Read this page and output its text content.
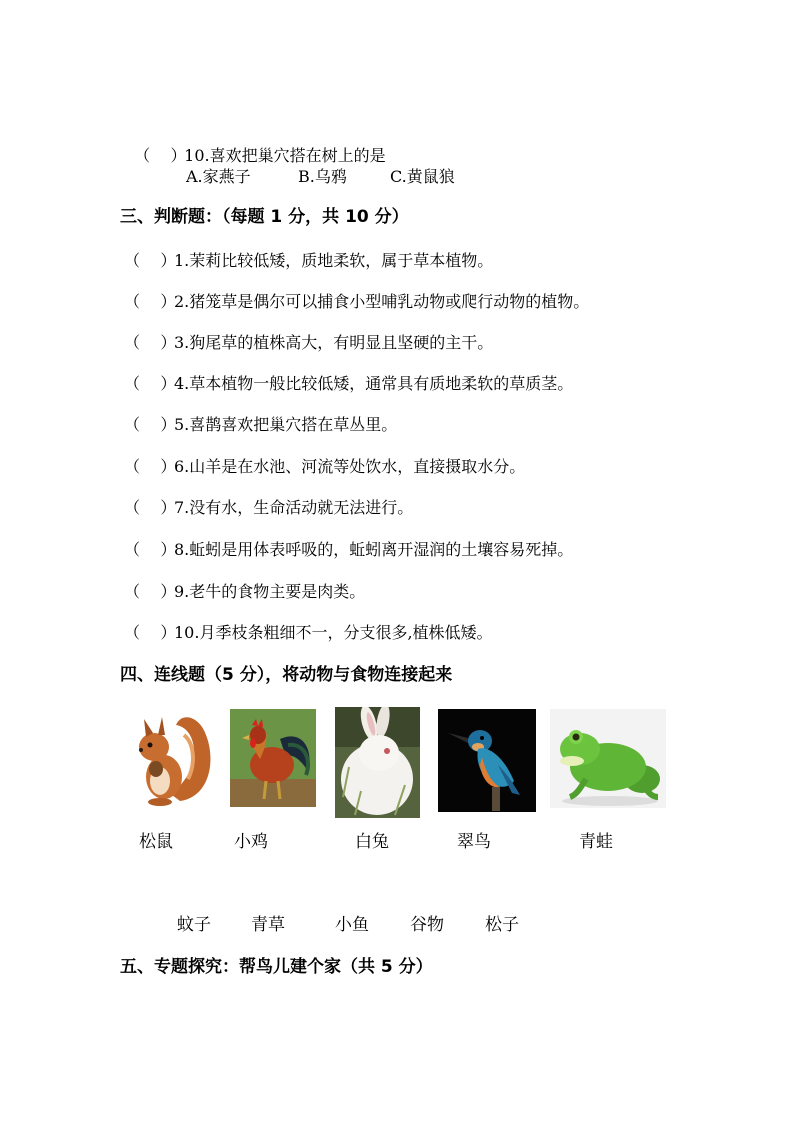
（    ）10.喜欢把巢穴搭在树上的是

A.家燕子	B.乌鸦	C.黄鼠狼
三、判断题：（每题 1 分，共 10 分）
（    ）1.茉莉比较低矮，质地柔软，属于草本植物。
（    ）2.猪笼草是偶尔可以捕食小型哺乳动物或爬行动物的植物。
（    ）3.狗尾草的植株高大，有明显且坚硬的主干。
（    ）4.草本植物一般比较低矮，通常具有质地柔软的草质茎。
（    ）5.喜鹊喜欢把巢穴搭在草丛里。
（    ）6.山羊是在水池、河流等处饮水，直接摄取水分。
（    ）7.没有水，生命活动就无法进行。
（    ）8.蚯蚓是用体表呼吸的，蚯蚓离开湿润的土壤容易死掉。
（    ）9.老牛的食物主要是肉类。
（    ）10.月季枝条粗细不一，分支很多,植株低矮。
四、连线题（5 分），将动物与食物连接起来
松鼠	小鸡	白兔	翠鸟	青蛙
蚊子 青草	小鱼 谷物 松子
五、专题探究：帮鸟儿建个家（共 5 分）
